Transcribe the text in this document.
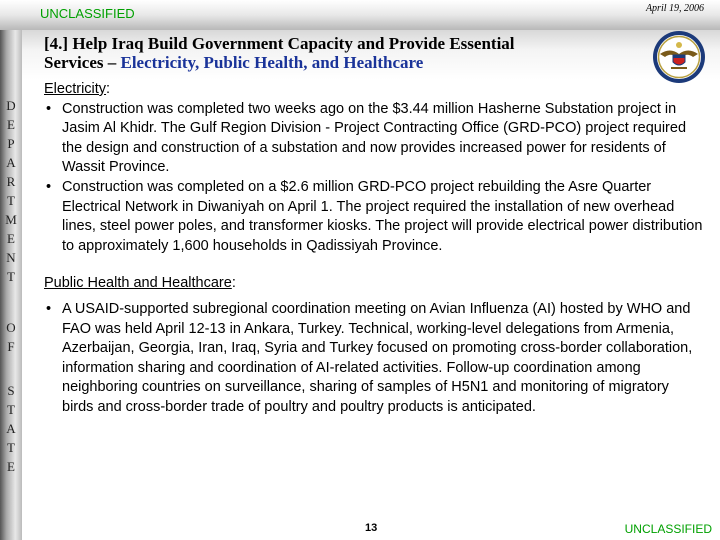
UNCLASSIFIED	April 19, 2006
D
E
P
A
R
T
M
E
N
T
O
F
S
T
A
T
E
[4.] Help Iraq Build Government Capacity and Provide Essential
Services – Electricity, Public Health, and Healthcare
Electricity:
• Construction was completed two weeks ago on the $3.44 million Hasherne Substation project in Jasim Al Khidr. The Gulf Region Division - Project Contracting Office (GRD-PCO) project required the design and construction of a substation and now provides increased power for residents of Wassit Province.
• Construction was completed on a $2.6 million GRD-PCO project rebuilding the Asre Quarter Electrical Network in Diwaniyah on April 1. The project required the installation of new overhead lines, steel power poles, and transformer kiosks. The project will provide electrical power distribution to approximately 1,600 households in Qadissiyah Province.
Public Health and Healthcare:
• A USAID-supported subregional coordination meeting on Avian Influenza (AI) hosted by WHO and FAO was held April 12-13 in Ankara, Turkey. Technical, working-level delegations from Armenia, Azerbaijan, Georgia, Iran, Iraq, Syria and Turkey focused on promoting cross-border collaboration, information sharing and coordination of AI-related activities. Follow-up coordination among neighboring countries on surveillance, sharing of samples of H5N1 and monitoring of migratory birds and cross-border trade of poultry and poultry products is anticipated.
13	UNCLASSIFIED
